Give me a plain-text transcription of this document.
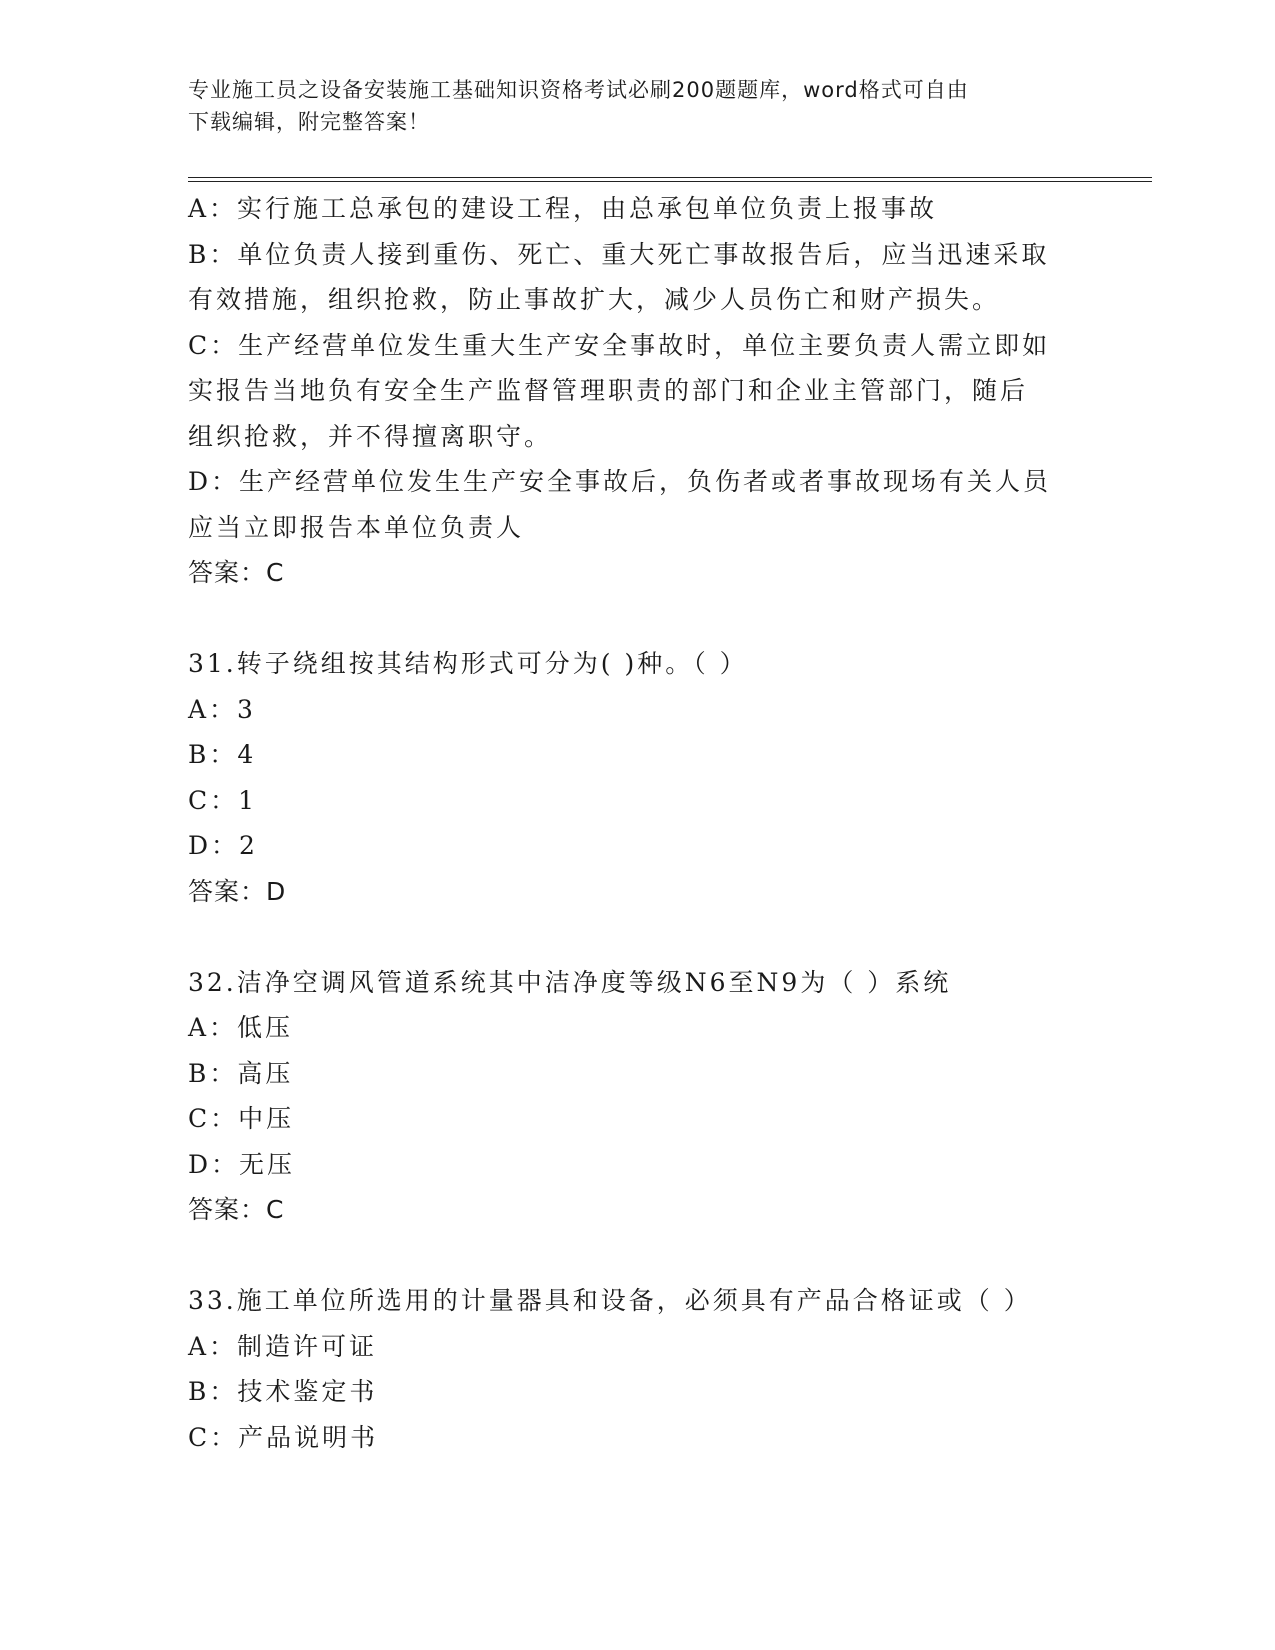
专业施工员之设备安装施工基础知识资格考试必刷200题题库，word格式可自由
下载编辑，附完整答案！
A：实行施工总承包的建设工程，由总承包单位负责上报事故
B：单位负责人接到重伤、死亡、重大死亡事故报告后，应当迅速采取
有效措施，组织抢救，防止事故扩大，减少人员伤亡和财产损失。
C：生产经营单位发生重大生产安全事故时，单位主要负责人需立即如
实报告当地负有安全生产监督管理职责的部门和企业主管部门，随后
组织抢救，并不得擅离职守。
D：生产经营单位发生生产安全事故后，负伤者或者事故现场有关人员
应当立即报告本单位负责人
答案：C
31.转子绕组按其结构形式可分为( )种。（ ）
A：3
B：4
C：1
D：2
答案：D
32.洁净空调风管道系统其中洁净度等级N6至N9为（ ）系统
A：低压
B：高压
C：中压
D：无压
答案：C
33.施工单位所选用的计量器具和设备，必须具有产品合格证或（ ）
A：制造许可证
B：技术鉴定书
C：产品说明书
